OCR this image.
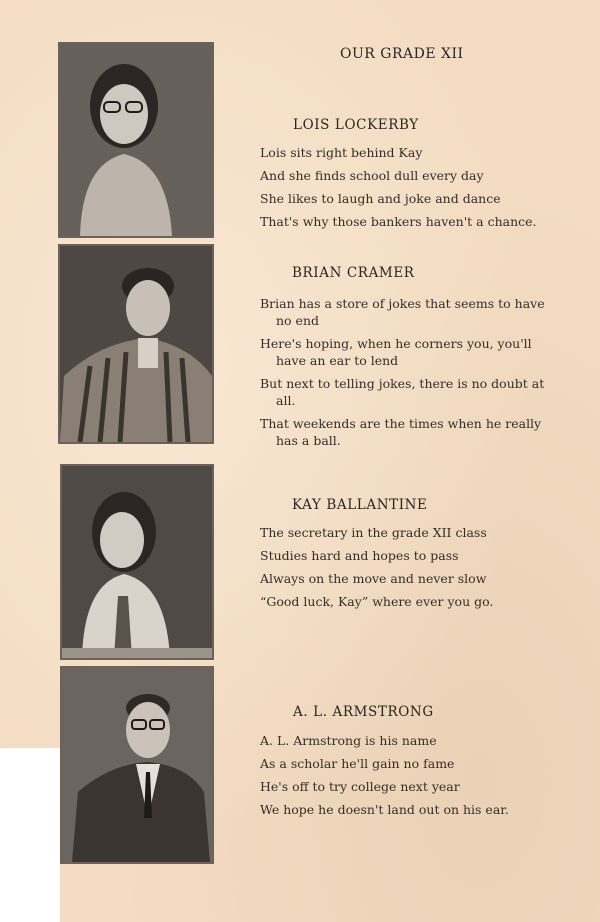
OUR GRADE XII
LOIS LOCKERBY
Lois sits right behind Kay
And she finds school dull every day
She likes to laugh and joke and dance
That's why those bankers haven't a chance.
BRIAN CRAMER
Brian has a store of jokes that seems to have no end
Here's hoping, when he corners you, you'll have an ear to lend
But next to telling jokes, there is no doubt at all.
That weekends are the times when he really has a ball.
KAY BALLANTINE
The secretary in the grade XII class
Studies hard and hopes to pass
Always on the move and never slow
“Good luck, Kay” where ever you go.
A. L. ARMSTRONG
A. L. Armstrong is his name
As a scholar he'll gain no fame
He's off to try college next year
We hope he doesn't land out on his ear.
